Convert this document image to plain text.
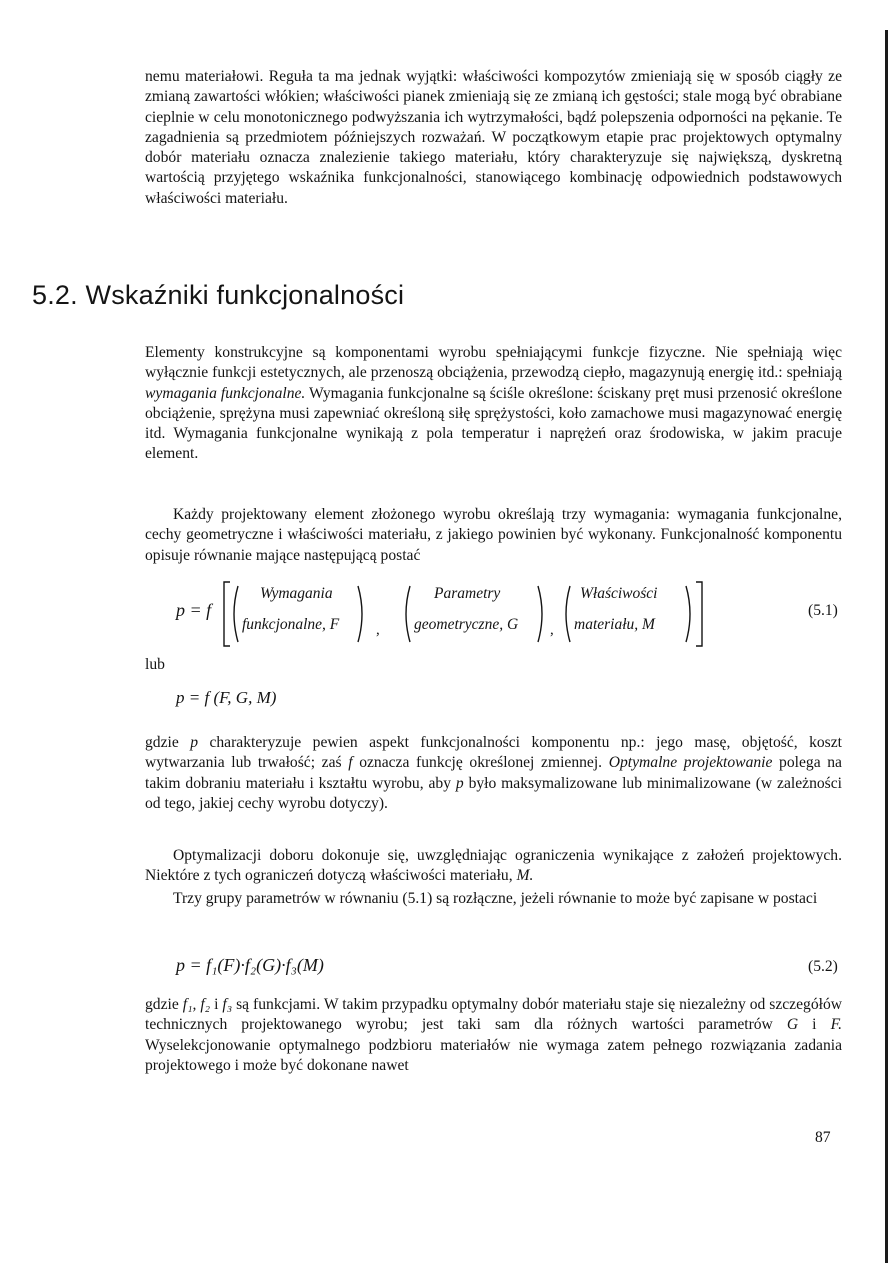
nemu materiałowi. Reguła ta ma jednak wyjątki: właściwości kompozytów zmieniają się w sposób ciągły ze zmianą zawartości włókien; właściwości pianek zmieniają się ze zmianą ich gęstości; stale mogą być obrabiane cieplnie w celu monotonicznego podwyższania ich wytrzymałości, bądź polepszenia odporności na pękanie. Te zagadnienia są przedmiotem późniejszych rozważań. W początkowym etapie prac projektowych optymalny dobór materiału oznacza znalezienie takiego materiału, który charakteryzuje się największą, dyskretną wartością przyjętego wskaźnika funkcjonalności, stanowiącego kombinację odpowiednich podstawowych właściwości materiału.

5.2. Wskaźniki funkcjonalności

Elementy konstrukcyjne są komponentami wyrobu spełniającymi funkcje fizyczne. Nie spełniają więc wyłącznie funkcji estetycznych, ale przenoszą obciążenia, przewodzą ciepło, magazynują energię itd.: spełniają wymagania funkcjonalne. Wymagania funkcjonalne są ściśle określone: ściskany pręt musi przenosić określone obciążenie, sprężyna musi zapewniać określoną siłę sprężystości, koło zamachowe musi magazynować energię itd. Wymagania funkcjonalne wynikają z pola temperatur i naprężeń oraz środowiska, w jakim pracuje element.

Każdy projektowany element złożonego wyrobu określają trzy wymagania: wymagania funkcjonalne, cechy geometryczne i właściwości materiału, z jakiego powinien być wykonany. Funkcjonalność komponentu opisuje równanie mające następującą postać

,	,
p = f
Wymagania
funkcjonalne, F
Parametry
geometryczne, G
Właściwości
materiału, M
(5.1)
lub
p = f (F, G, M)

gdzie p charakteryzuje pewien aspekt funkcjonalności komponentu np.: jego masę, objętość, koszt wytwarzania lub trwałość; zaś f oznacza funkcję określonej zmiennej. Optymalne projektowanie polega na takim dobraniu materiału i kształtu wyrobu, aby p było maksymalizowane lub minimalizowane (w zależności od tego, jakiej cechy wyrobu dotyczy).

Optymalizacji doboru dokonuje się, uwzględniając ograniczenia wynikające z założeń projektowych. Niektóre z tych ograniczeń dotyczą właściwości materiału, M.

Trzy grupy parametrów w równaniu (5.1) są rozłączne, jeżeli równanie to może być zapisane w postaci

p = f₁(F)·f₂(G)·f₃(M)	(5.2)

gdzie f₁, f₂ i f₃ są funkcjami. W takim przypadku optymalny dobór materiału staje się niezależny od szczegółów technicznych projektowanego wyrobu; jest taki sam dla różnych wartości parametrów G i F. Wyselekcjonowanie optymalnego podzbioru materiałów nie wymaga zatem pełnego rozwiązania zadania projektowego i może być dokonane nawet

87
